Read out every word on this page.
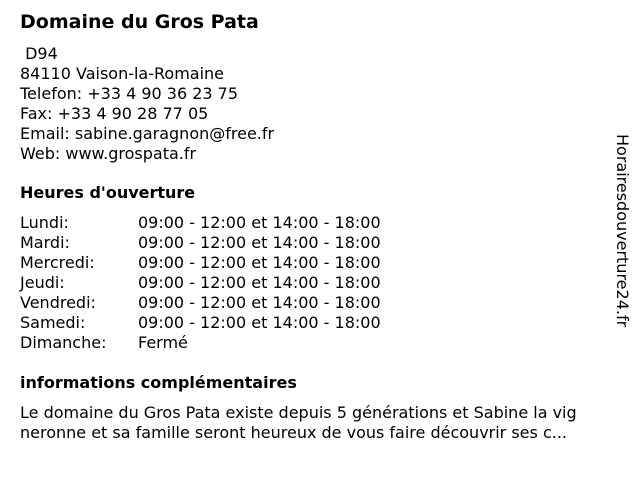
Domaine du Gros Pata
D94
84110 Vaison-la-Romaine
Telefon: +33 4 90 36 23 75
Fax: +33 4 90 28 77 05
Email: sabine.garagnon@free.fr
Web: www.grospata.fr
Heures d'ouverture
Lundi:	09:00 - 12:00 et 14:00 - 18:00
Mardi:	09:00 - 12:00 et 14:00 - 18:00
Mercredi:	09:00 - 12:00 et 14:00 - 18:00
Jeudi:	09:00 - 12:00 et 14:00 - 18:00
Vendredi:	09:00 - 12:00 et 14:00 - 18:00
Samedi:	09:00 - 12:00 et 14:00 - 18:00
Dimanche: Fermé
informations complémentaires
Le domaine du Gros Pata existe depuis 5 générations et Sabine la vig
neronne et sa famille seront heureux de vous faire découvrir ses c...
Horairesdouverture24.fr
